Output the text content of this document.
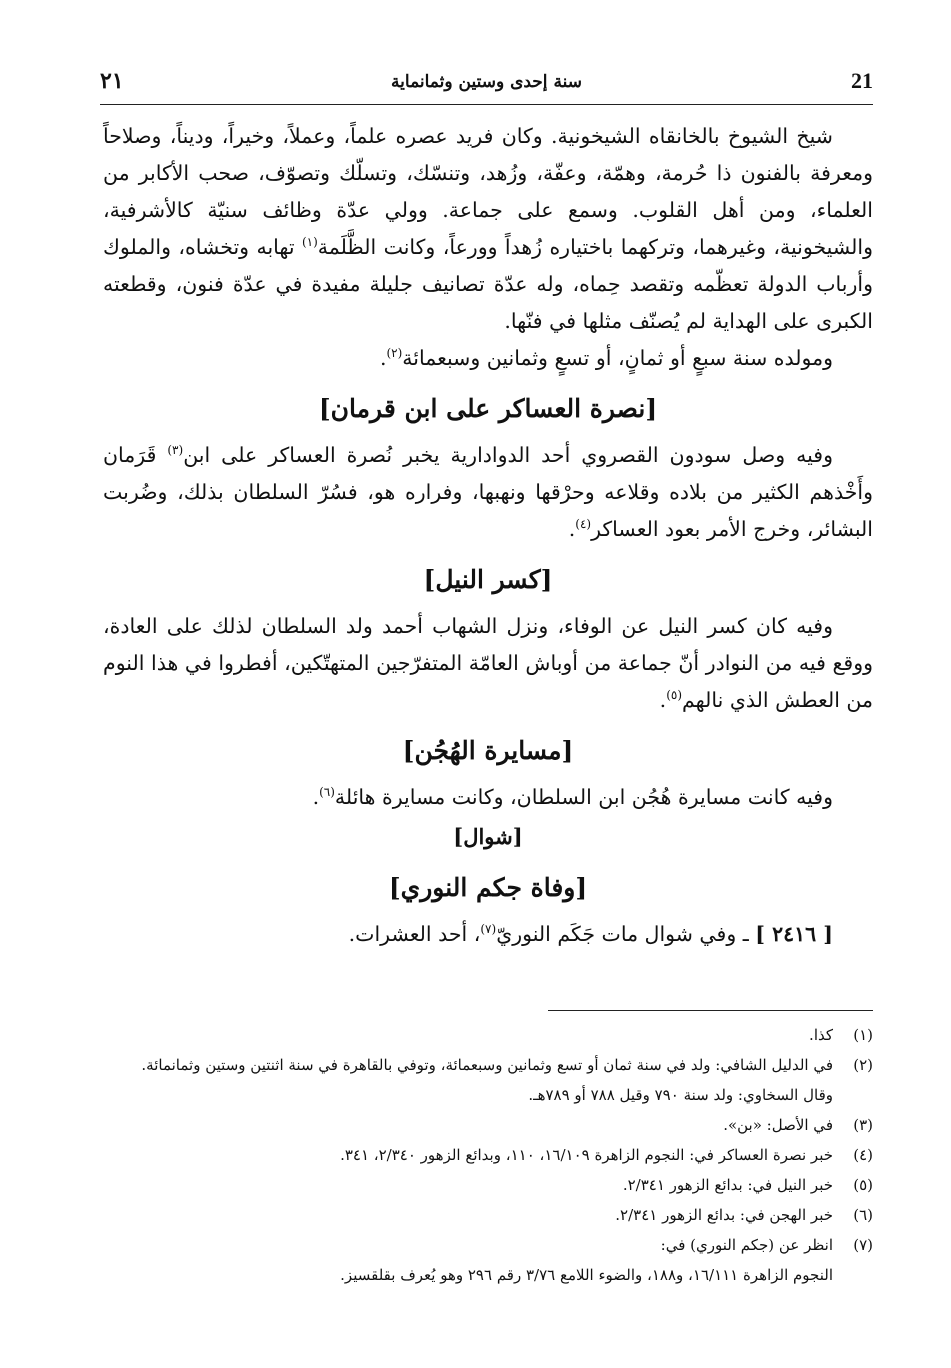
21
سنة إحدى وستين وثمانماية
٢١

شيخ الشيوخ بالخانقاه الشيخونية. وكان فريد عصره علماً، وعملاً، وخيراً، وديناً، وصلاحاً ومعرفة بالفنون ذا حُرمة، وهمّة، وعفّة، وزُهد، وتنسّك، وتسلّك وتصوّف، صحب الأكابر من العلماء، ومن أهل القلوب. وسمع على جماعة. وولي عدّة وظائف سنيّة كالأشرفية، والشيخونية، وغيرهما، وتركهما باختياره زُهداً وورعاً، وكانت الظَّلَمة$^{(١)}$ تهابه وتخشاه، والملوك وأرباب الدولة تعظّمه وتقصد حِماه، وله عدّة تصانيف جليلة مفيدة في عدّة فنون، وقطعته الكبرى على الهداية لم يُصنّف مثلها في فنّها.

ومولده سنة سبعٍ أو ثمانٍ، أو تسعٍ وثمانين وسبعمائة$^{(٢)}$.

[نصرة العساكر على ابن قرمان]

وفيه وصل سودون القصروي أحد الدوادارية يخبر نُصرة العساكر على ابن$^{(٣)}$ قَرَمان وأَخْذهم الكثير من بلاده وقلاعه وحرْقها ونهبها، وفراره هو، فسُرّ السلطان بذلك، وضُربت البشائر، وخرج الأمر بعود العساكر$^{(٤)}$.

[كسر النيل]

وفيه كان كسر النيل عن الوفاء، ونزل الشهاب أحمد ولد السلطان لذلك على العادة، ووقع فيه من النوادر أنّ جماعة من أوباش العامّة المتفرّجين المتهتّكين، أفطروا في هذا النوم من العطش الذي نالهم$^{(٥)}$.

[مسايرة الهُجُن]

وفيه كانت مسايرة هُجُن ابن السلطان، وكانت مسايرة هائلة$^{(٦)}$.

[شوال]
[وفاة جكم النوري]

[ ٢٤١٦ ] ـ وفي شوال مات جَكَم النوريّ$^{(٧)}$، أحد العشرات.

(١)
كذا.
(٢)
في الدليل الشافي: ولد في سنة ثمان أو تسع وثمانين وسبعمائة، وتوفي بالقاهرة في سنة اثنتين وستين وثمانمائة.
وقال السخاوي: ولد سنة ٧٩٠ وقيل ٧٨٨ أو ٧٨٩هـ.
(٣)
في الأصل: «بن».
(٤)
خبر نصرة العساكر في: النجوم الزاهرة ١٦/١٠٩، ١١٠، وبدائع الزهور ٢/٣٤٠، ٣٤١.
(٥)
خبر النيل في: بدائع الزهور ٢/٣٤١.
(٦)
خبر الهجن في: بدائع الزهور ٢/٣٤١.
(٧)
انظر عن (جكم النوري) في:
النجوم الزاهرة ١٦/١١١، و١٨٨، والضوء اللامع ٣/٧٦ رقم ٢٩٦ وهو يُعرف بقلقسيز.
